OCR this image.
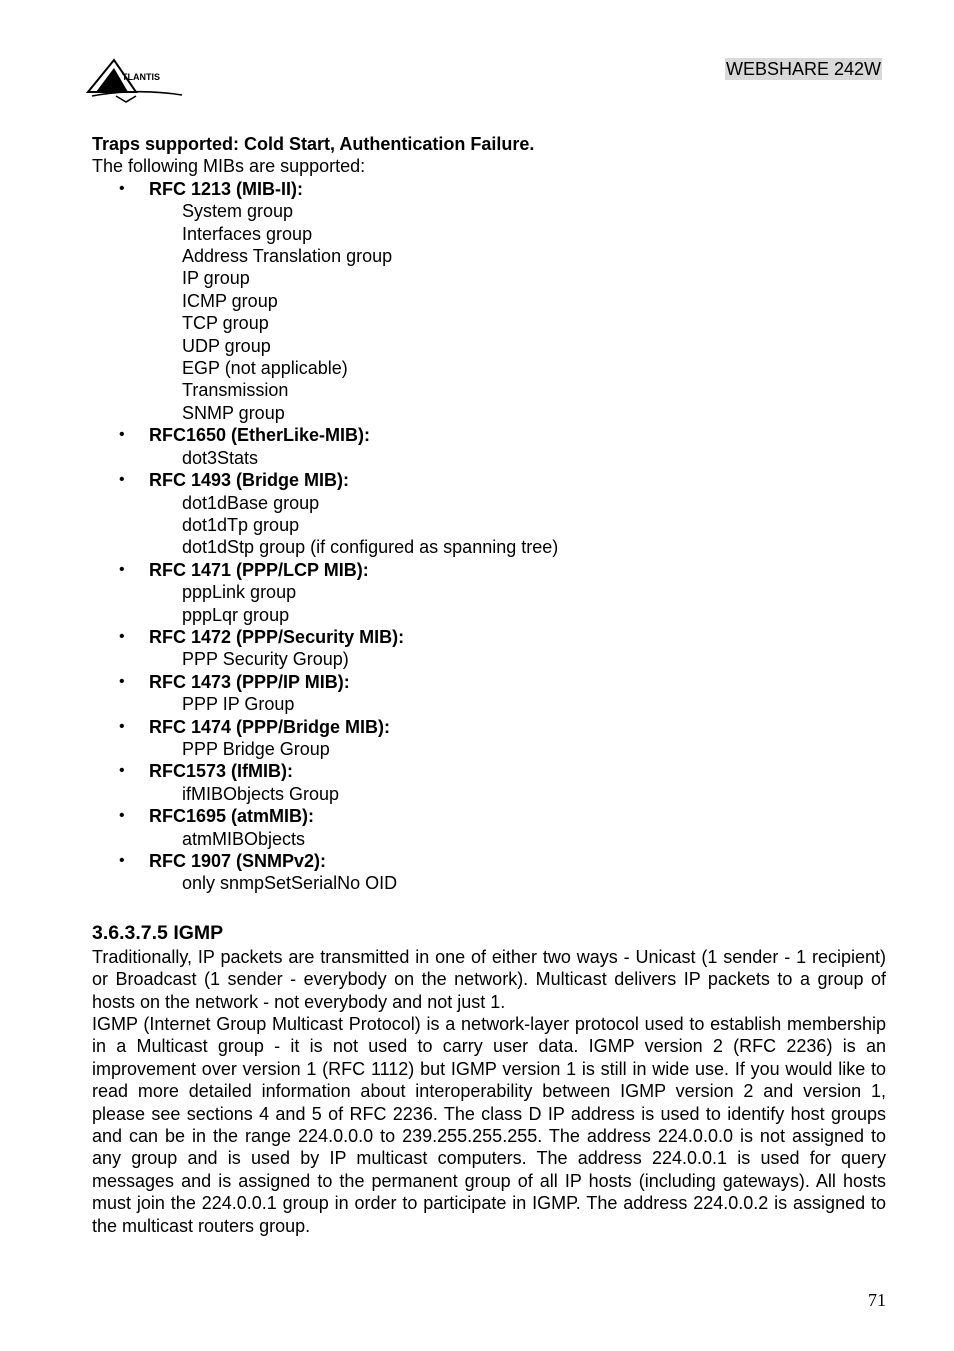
TLANTIS	WEBSHARE 242W
Traps supported: Cold Start, Authentication Failure.
The following MIBs are supported:
• RFC 1213 (MIB-II):
System group
Interfaces group
Address Translation group
IP group
ICMP group
TCP group
UDP group
EGP (not applicable)
Transmission
SNMP group
• RFC1650 (EtherLike-MIB):
dot3Stats
• RFC 1493 (Bridge MIB):
dot1dBase group
dot1dTp group
dot1dStp group (if configured as spanning tree)
• RFC 1471 (PPP/LCP MIB):
pppLink group
pppLqr group
• RFC 1472 (PPP/Security MIB):
PPP Security Group)
• RFC 1473 (PPP/IP MIB):
PPP IP Group
• RFC 1474 (PPP/Bridge MIB):
PPP Bridge Group
• RFC1573 (IfMIB):
ifMIBObjects Group
• RFC1695 (atmMIB):
atmMIBObjects
• RFC 1907 (SNMPv2):
only snmpSetSerialNo OID
3.6.3.7.5 IGMP

Traditionally, IP packets are transmitted in one of either two ways - Unicast (1 sender - 1 recipient) or Broadcast (1 sender - everybody on the network). Multicast delivers IP packets to a group of hosts on the network - not everybody and not just 1.

IGMP (Internet Group Multicast Protocol) is a network-layer protocol used to establish membership in a Multicast group - it is not used to carry user data. IGMP version 2 (RFC 2236) is an improvement over version 1 (RFC 1112) but IGMP version 1 is still in wide use. If you would like to read more detailed information about interoperability between IGMP version 2 and version 1, please see sections 4 and 5 of RFC 2236. The class D IP address is used to identify host groups and can be in the range 224.0.0.0 to 239.255.255.255. The address 224.0.0.0 is not assigned to any group and is used by IP multicast computers. The address 224.0.0.1 is used for query messages and is assigned to the permanent group of all IP hosts (including gateways). All hosts must join the 224.0.0.1 group in order to participate in IGMP. The address 224.0.0.2 is assigned to the multicast routers group.

71
